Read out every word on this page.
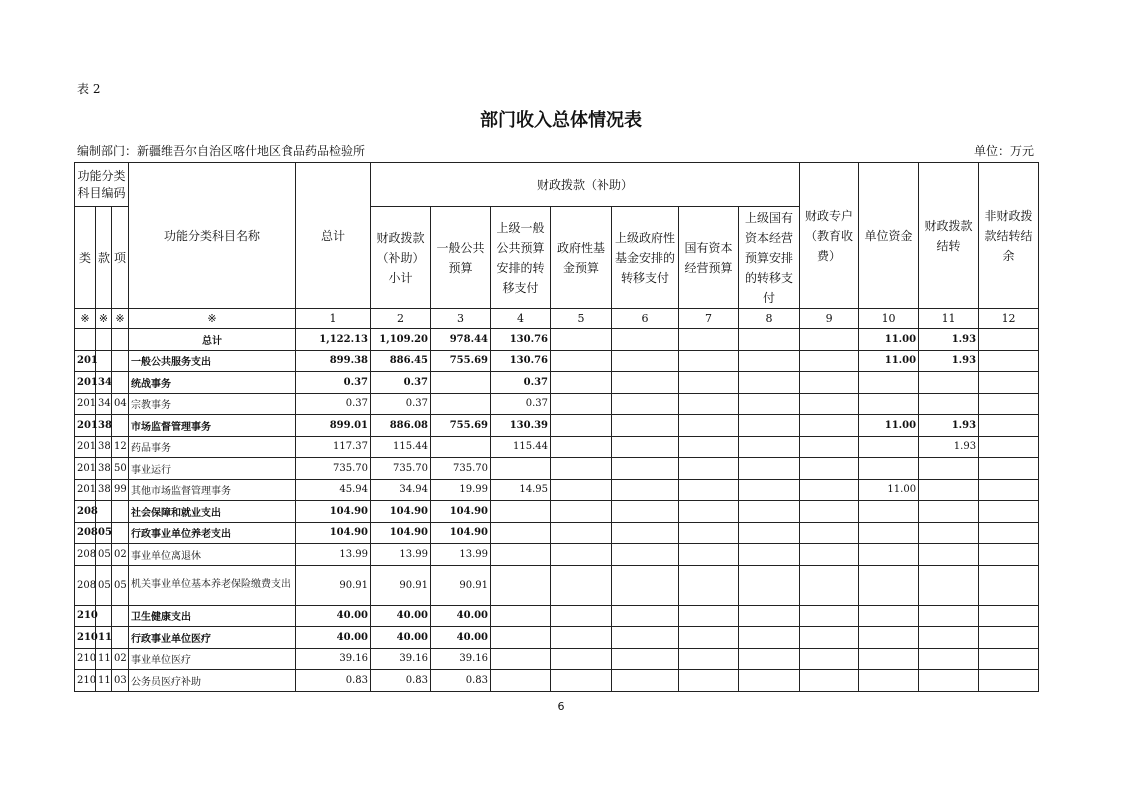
表 2
部门收入总体情况表
编制部门：新疆维吾尔自治区喀什地区食品药品检验所	单位：万元
功能分类科目编码			功能分类科目名称	总计	财政拨款（补助）							财政专户（教育收费）	单位资金	财政拨款结转	非财政拨款结转结余
类	款	项			财政拨款（补助）小计	一般公共预算	上级一般公共预算安排的转移支付	政府性基金预算	上级政府性基金安排的转移支付	国有资本经营预算	上级国有资本经营预算安排的转移支付				
※	※	※	※	1	2	3	4	5	6	7	8	9	10	11	12
			总计	1,122.13	1,109.20	978.44	130.76						11.00	1.93	
201			一般公共服务支出	899.38	886.45	755.69	130.76						11.00	1.93	
201	34		统战事务	0.37	0.37		0.37								
201	34	04	宗教事务	0.37	0.37		0.37								
201	38		市场监督管理事务	899.01	886.08	755.69	130.39						11.00	1.93	
201	38	12	药品事务	117.37	115.44		115.44							1.93	
201	38	50	事业运行	735.70	735.70	735.70									
201	38	99	其他市场监督管理事务	45.94	34.94	19.99	14.95						11.00		
208			社会保障和就业支出	104.90	104.90	104.90									
208	05		行政事业单位养老支出	104.90	104.90	104.90									
208	05	02	事业单位离退休	13.99	13.99	13.99									
208	05	05	机关事业单位基本养老保险缴费支出	90.91	90.91	90.91									
210			卫生健康支出	40.00	40.00	40.00									
210	11		行政事业单位医疗	40.00	40.00	40.00									
210	11	02	事业单位医疗	39.16	39.16	39.16									
210	11	03	公务员医疗补助	0.83	0.83	0.83									
6
